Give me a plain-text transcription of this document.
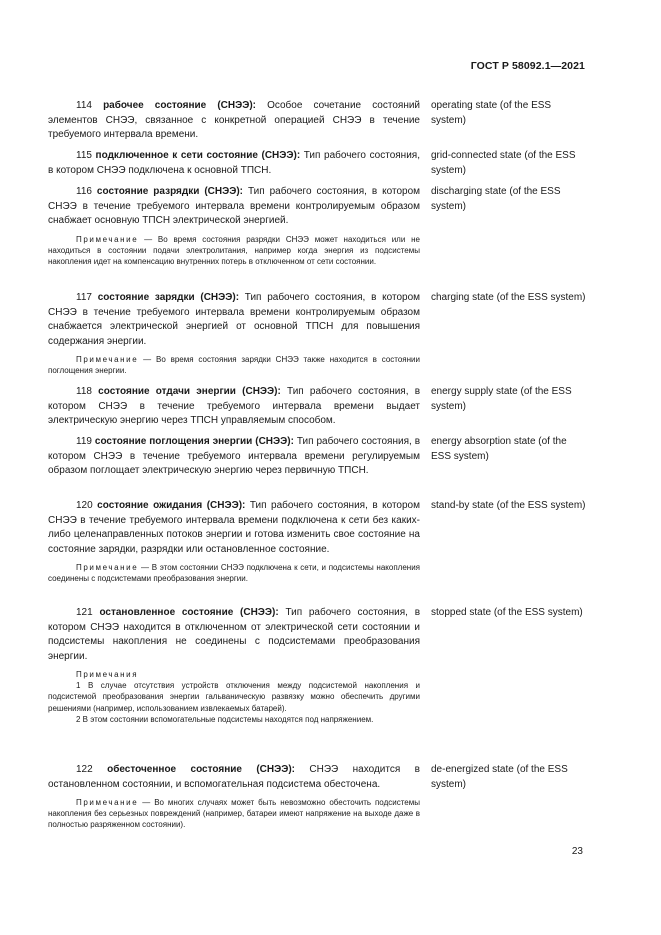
ГОСТ Р 58092.1—2021
114 рабочее состояние (СНЭЭ): Особое сочетание состояний элементов СНЭЭ, связанное с конкретной операцией СНЭЭ в течение требуемого интервала времени.
operating state (of the ESS system)
115 подключенное к сети состояние (СНЭЭ): Тип рабочего состояния, в котором СНЭЭ подключена к основной ТПСН.
grid-connected state (of the ESS system)
116 состояние разрядки (СНЭЭ): Тип рабочего состояния, в котором СНЭЭ в течение требуемого интервала времени контролируемым образом снабжает основную ТПСН электрической энергией.
Примечание — Во время состояния разрядки СНЭЭ может находиться или не находиться в состоянии подачи электролитания, например когда энергия из подсистемы накопления идет на компенсацию внутренних потерь в отключенном от сети состоянии.
discharging state (of the ESS system)
117 состояние зарядки (СНЭЭ): Тип рабочего состояния, в котором СНЭЭ в течение требуемого интервала времени контролируемым образом снабжается электрической энергией от основной ТПСН для повышения содержания энергии.
Примечание — Во время состояния зарядки СНЭЭ также находится в состоянии поглощения энергии.
charging state (of the ESS system)
118 состояние отдачи энергии (СНЭЭ): Тип рабочего состояния, в котором СНЭЭ в течение требуемого интервала времени выдает электрическую энергию через ТПСН управляемым способом.
energy supply state (of the ESS system)
119 состояние поглощения энергии (СНЭЭ): Тип рабочего состояния, в котором СНЭЭ в течение требуемого интервала времени регулируемым образом поглощает электрическую энергию через первичную ТПСН.
energy absorption state (of the ESS system)
120 состояние ожидания (СНЭЭ): Тип рабочего состояния, в котором СНЭЭ в течение требуемого интервала времени подключена к сети без каких-либо целенаправленных потоков энергии и готова изменить свое состояние на состояние зарядки, разрядки или остановленное состояние.
Примечание — В этом состоянии СНЭЭ подключена к сети, и подсистемы накопления соединены с подсистемами преобразования энергии.
stand-by state (of the ESS system)
121 остановленное состояние (СНЭЭ): Тип рабочего состояния, в котором СНЭЭ находится в отключенном от электрической сети состоянии и подсистемы накопления не соединены с подсистемами преобразования энергии.
Примечания
1 В случае отсутствия устройств отключения между подсистемой накопления и подсистемой преобразования энергии гальваническую развязку можно обеспечить другими решениями (например, использованием извлекаемых батарей).
2 В этом состоянии вспомогательные подсистемы находятся под напряжением.
stopped state (of the ESS system)
122 обесточенное состояние (СНЭЭ): СНЭЭ находится в остановленном состоянии, и вспомогательная подсистема обесточена.
Примечание — Во многих случаях может быть невозможно обесточить подсистемы накопления без серьезных повреждений (например, батареи имеют напряжение на выходе даже в полностью разряженном состоянии).
de-energized state (of the ESS system)
23
